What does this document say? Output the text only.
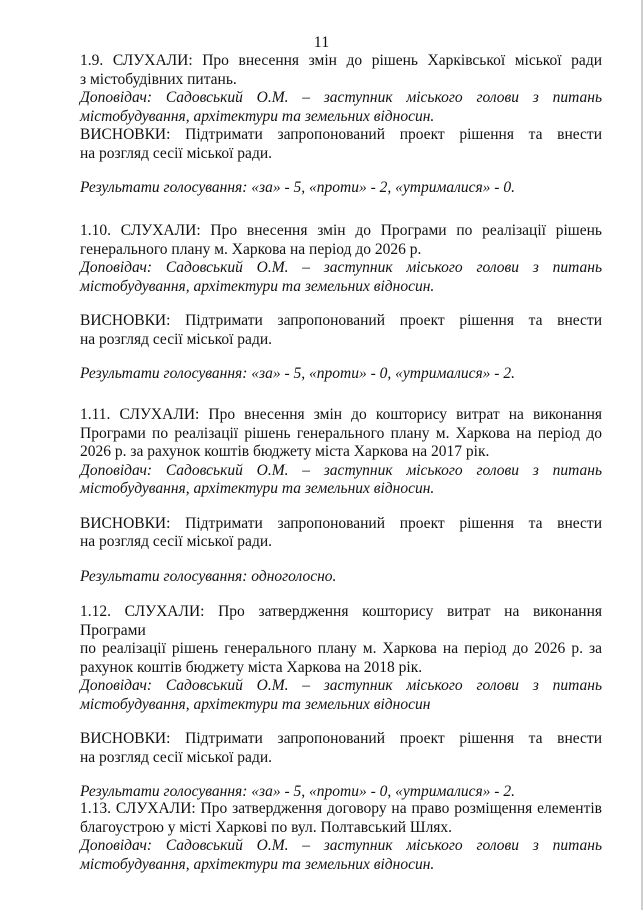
11

1.9. СЛУХАЛИ: Про внесення змін до рішень Харківської міської ради

з містобудівних питань.

Доповідач: Садовський О.М. – заступник міського голови з питань

містобудування, архітектури та земельних відносин.

ВИСНОВКИ: Підтримати запропонований проект рішення та внести

на розгляд сесії міської ради.

Результати голосування: «за» - 5, «проти» - 2, «утрималися» - 0.

1.10. СЛУХАЛИ: Про внесення змін до Програми по реалізації рішень

генерального плану м. Харкова на період до 2026 р.

Доповідач: Садовський О.М. – заступник міського голови з питань

містобудування, архітектури та земельних відносин.

ВИСНОВКИ: Підтримати запропонований проект рішення та внести

на розгляд сесії міської ради.

Результати голосування: «за» - 5, «проти» - 0, «утрималися» - 2.

1.11. СЛУХАЛИ: Про внесення змін до кошторису витрат на виконання

Програми по реалізації рішень генерального плану м. Харкова на період до

2026 р. за рахунок коштів бюджету міста Харкова на 2017 рік.

Доповідач: Садовський О.М. – заступник міського голови з питань

містобудування, архітектури та земельних відносин.

ВИСНОВКИ: Підтримати запропонований проект рішення та внести

на розгляд сесії міської ради.

Результати голосування: одноголосно.

1.12. СЛУХАЛИ: Про затвердження кошторису витрат на виконання Програми

по реалізації рішень генерального плану м. Харкова на період до 2026 р. за

рахунок коштів бюджету міста Харкова на 2018 рік.

Доповідач: Садовський О.М. – заступник міського голови з питань

містобудування, архітектури та земельних відносин

ВИСНОВКИ: Підтримати запропонований проект рішення та внести

на розгляд сесії міської ради.

Результати голосування: «за» - 5, «проти» - 0, «утрималися» - 2.

1.13. СЛУХАЛИ: Про затвердження договору на право розміщення елементів

благоустрою у місті Харкові по вул. Полтавський Шлях.

Доповідач: Садовський О.М. – заступник міського голови з питань

містобудування, архітектури та земельних відносин.
